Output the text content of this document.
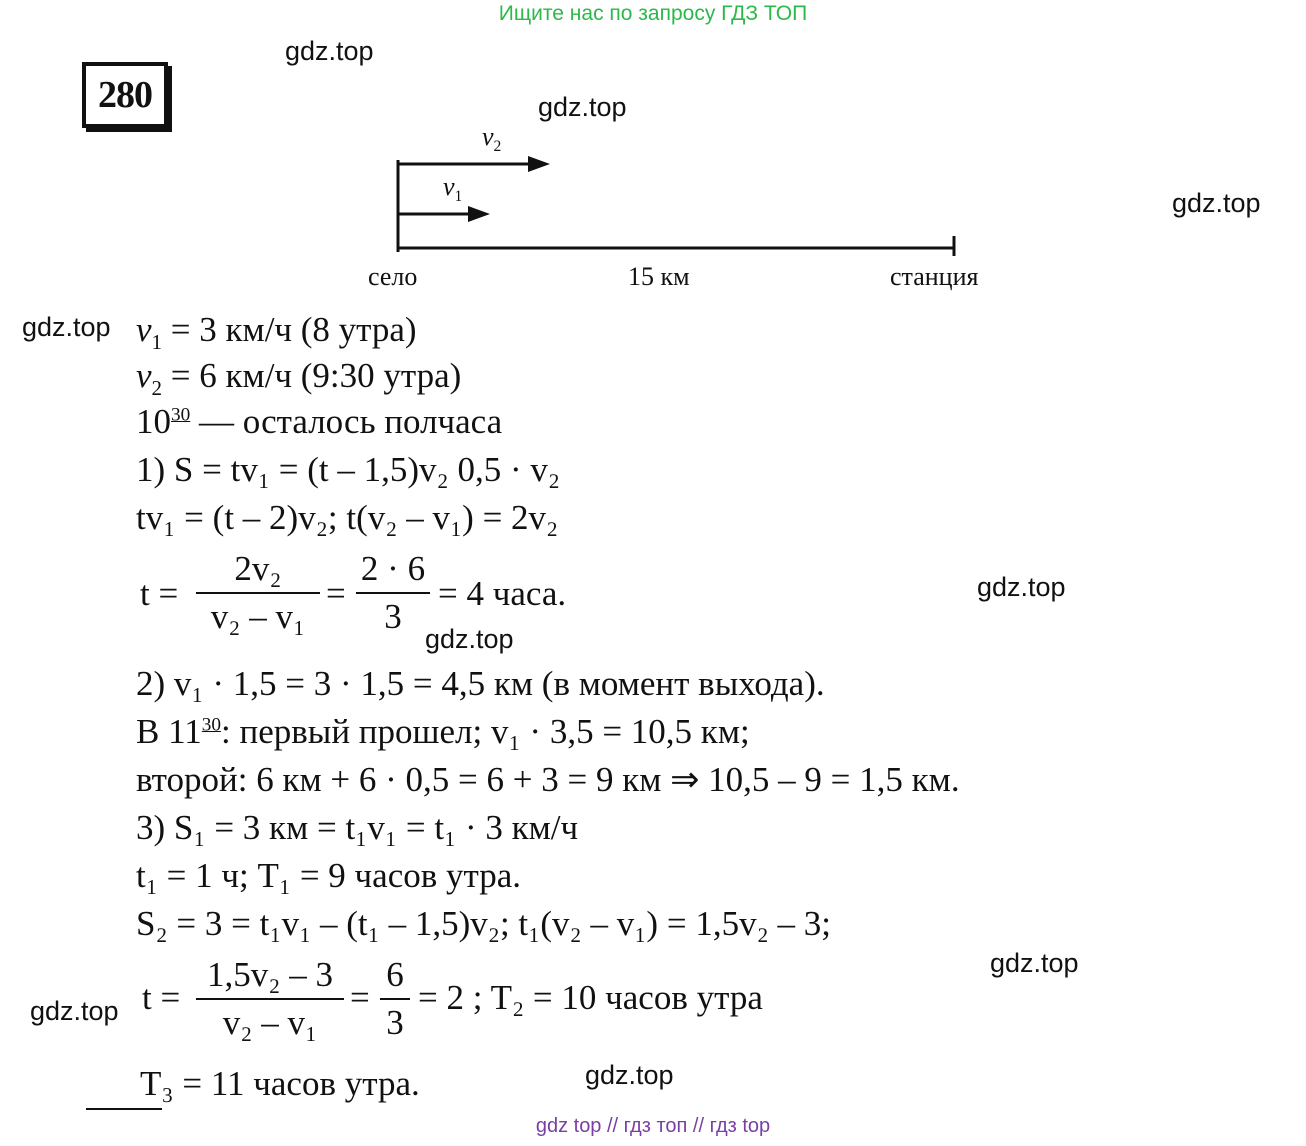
Ищите нас по запросу ГДЗ ТОП
280
gdz.top
gdz.top
gdz.top
gdz.top
gdz.top
gdz.top
gdz.top
gdz.top
gdz.top
$v_2$
$v_1$
село	15 км	станция
$v_1 = 3$ км/ч (8 утра)
$v_2 = 6$ км/ч (9:30 утра)
$10^{30}$ — осталось полчаса
1) S = tv₁ = (t – 1,5)v₂ 0,5 · v₂
tv₁ = (t – 2)v₂; t(v₂ – v₁) = 2v₂
t =
2v₂
v₂ – v₁
=
2 · 6
3
= 4 часа.
2) v₁ · 1,5 = 3 · 1,5 = 4,5 км (в момент выхода).
В $11^{30}$: первый прошел; v₁ · 3,5 = 10,5 км;
второй: 6 км + 6 · 0,5 = 6 + 3 = 9 км ⇒ 10,5 – 9 = 1,5 км.
3) S₁ = 3 км = t₁v₁ = t₁ · 3 км/ч
t₁ = 1 ч; T₁ = 9 часов утра.
S₂ = 3 = t₁v₁ – (t₁ – 1,5)v₂; t₁(v₂ – v₁) = 1,5v₂ – 3;
t =
1,5v₂ – 3
v₂ – v₁
=
6
3
= 2 ; T₂ = 10 часов утра
T₃ = 11 часов утра.
gdz top // гдз топ // гдз top
